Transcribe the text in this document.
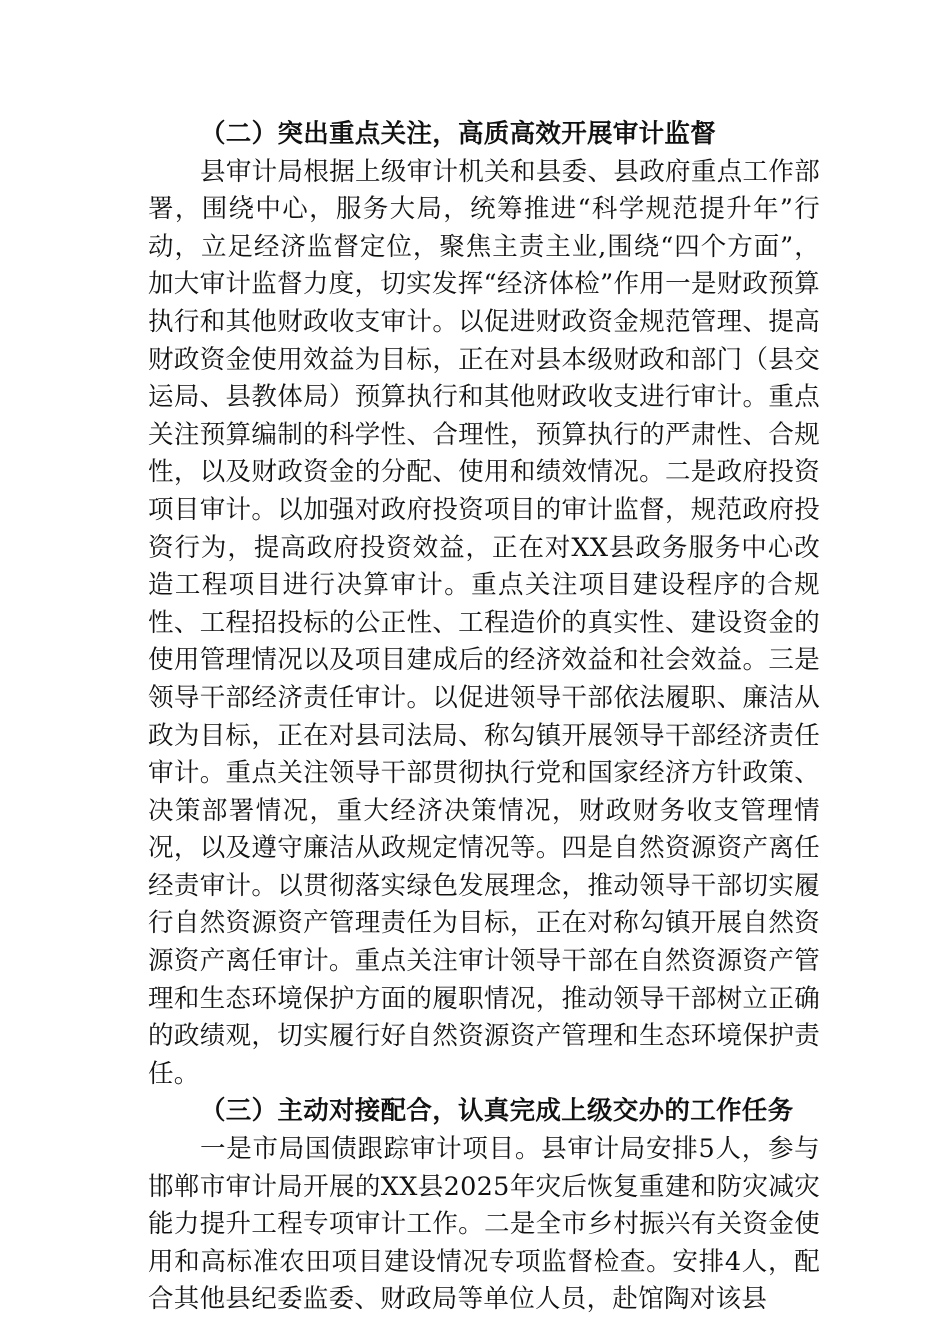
（二）突出重点关注，高质高效开展审计监督

县审计局根据上级审计机关和县委、县政府重点工作部署，围绕中心，服务大局，统筹推进“科学规范提升年”行动，立足经济监督定位，聚焦主责主业,围绕“四个方面”，加大审计监督力度，切实发挥“经济体检”作用一是财政预算执行和其他财政收支审计。以促进财政资金规范管理、提高财政资金使用效益为目标，正在对县本级财政和部门（县交运局、县教体局）预算执行和其他财政收支进行审计。重点关注预算编制的科学性、合理性，预算执行的严肃性、合规性，以及财政资金的分配、使用和绩效情况。二是政府投资项目审计。以加强对政府投资项目的审计监督，规范政府投资行为，提高政府投资效益，正在对XX县政务服务中心改造工程项目进行决算审计。重点关注项目建设程序的合规性、工程招投标的公正性、工程造价的真实性、建设资金的使用管理情况以及项目建成后的经济效益和社会效益。三是领导干部经济责任审计。以促进领导干部依法履职、廉洁从政为目标，正在对县司法局、称勾镇开展领导干部经济责任审计。重点关注领导干部贯彻执行党和国家经济方针政策、决策部署情况，重大经济决策情况，财政财务收支管理情况，以及遵守廉洁从政规定情况等。四是自然资源资产离任经责审计。以贯彻落实绿色发展理念，推动领导干部切实履行自然资源资产管理责任为目标，正在对称勾镇开展自然资源资产离任审计。重点关注审计领导干部在自然资源资产管理和生态环境保护方面的履职情况，推动领导干部树立正确的政绩观，切实履行好自然资源资产管理和生态环境保护责任。

（三）主动对接配合，认真完成上级交办的工作任务

一是市局国债跟踪审计项目。县审计局安排5人，参与邯郸市审计局开展的XX县2025年灾后恢复重建和防灾减灾能力提升工程专项审计工作。二是全市乡村振兴有关资金使用和高标准农田项目建设情况专项监督检查。安排4人，配合其他县纪委监委、财政局等单位人员，赴馆陶对该县
